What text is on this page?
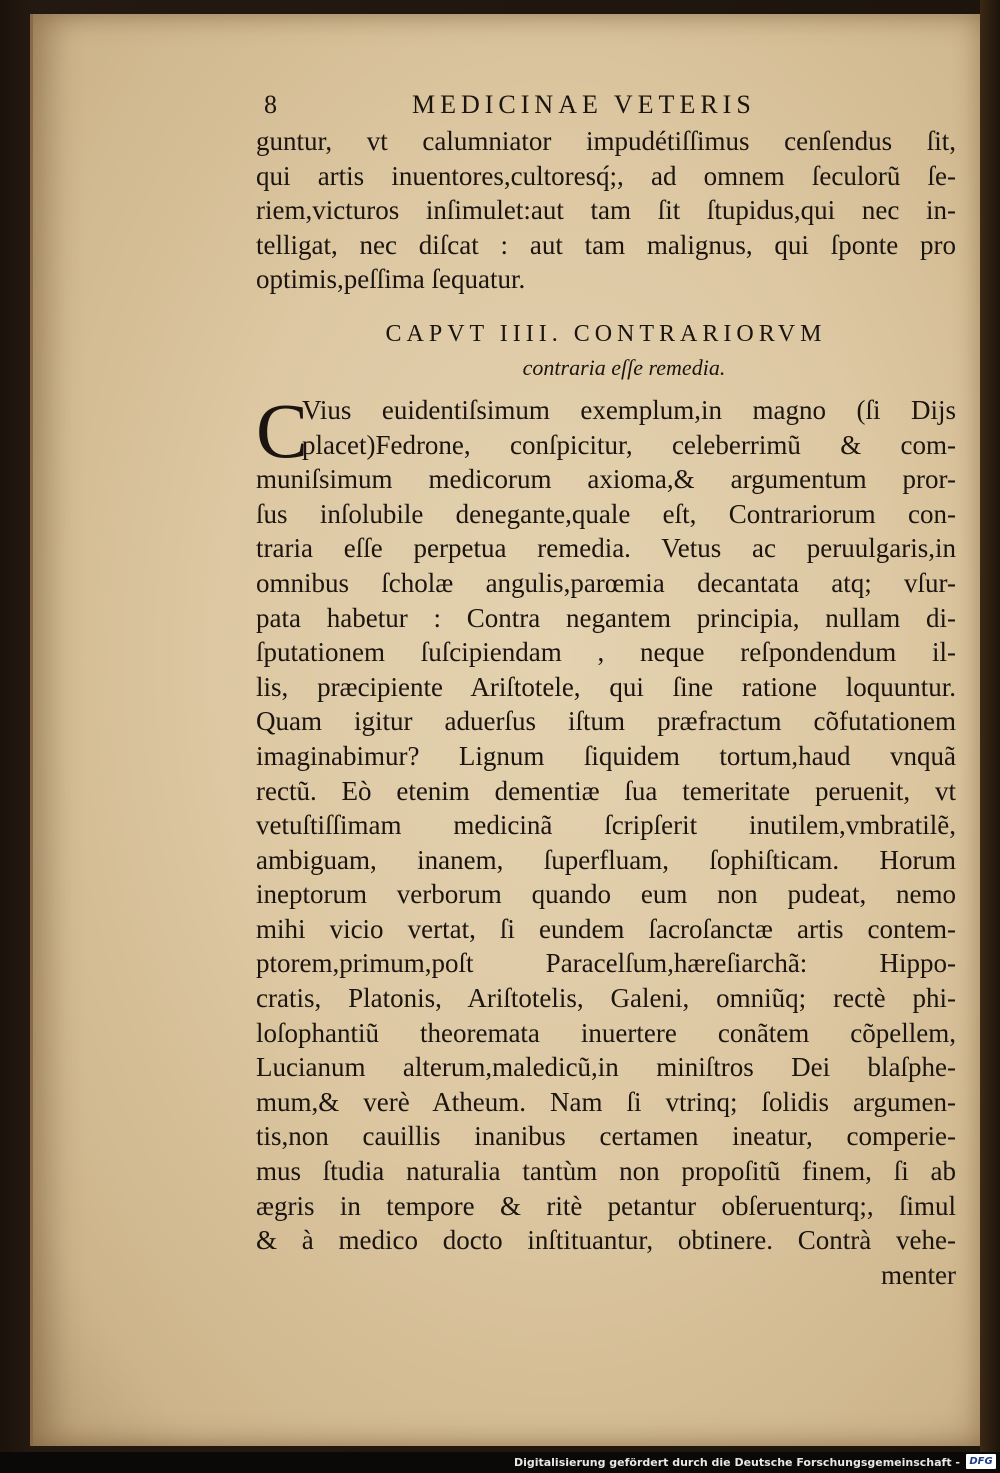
8	MEDICINAE VETERIS
guntur, vt calumniator impudétiſſimus cenſendus ſit,
qui artis inuentores,cultoresq́;, ad omnem ſeculorũ ſe-
riem,victuros inſimulet:aut tam ſit ſtupidus,qui nec in-
telligat, nec diſcat : aut tam malignus, qui ſponte pro
optimis,peſſima ſequatur.
CAPVT IIII. CONTRARIORVM
contraria eſſe remedia.
C
Vius euidentiſsimum exemplum,in magno (ſi Dijs
placet)Fedrone, conſpicitur, celeberrimũ & com-
muniſsimum medicorum axioma,& argumentum pror-
ſus inſolubile denegante,quale eſt, Contrariorum con-
traria eſſe perpetua remedia. Vetus ac peruulgaris,in
omnibus ſcholæ angulis,parœmia decantata atq; vſur-
pata habetur : Contra negantem principia, nullam di-
ſputationem ſuſcipiendam , neque reſpondendum il-
lis, præcipiente Ariſtotele, qui ſine ratione loquuntur.
Quam igitur aduerſus iſtum præfractum cõfutationem
imaginabimur? Lignum ſiquidem tortum,haud vnquã
rectũ. Eò etenim dementiæ ſua temeritate peruenit, vt
vetuſtiſſimam medicinã ſcripſerit inutilem,vmbratilẽ,
ambiguam, inanem, ſuperfluam, ſophiſticam. Horum
ineptorum verborum quando eum non pudeat, nemo
mihi vicio vertat, ſi eundem ſacroſanctæ artis contem-
ptorem,primum,poſt Paracelſum,hæreſiarchã: Hippo-
cratis, Platonis, Ariſtotelis, Galeni, omniũq; rectè phi-
loſophantiũ theoremata inuertere conãtem cõpellem,
Lucianum alterum,maledicũ,in miniſtros Dei blaſphe-
mum,& verè Atheum. Nam ſi vtrinq; ſolidis argumen-
tis,non cauillis inanibus certamen ineatur, comperie-
mus ſtudia naturalia tantùm non propoſitũ finem, ſi ab
ægris in tempore & ritè petantur obſeruenturq;, ſimul
& à medico docto inſtituantur, obtinere. Contrà vehe-
menter
Digitalisierung gefördert durch die Deutsche Forschungsgemeinschaft - DFG
